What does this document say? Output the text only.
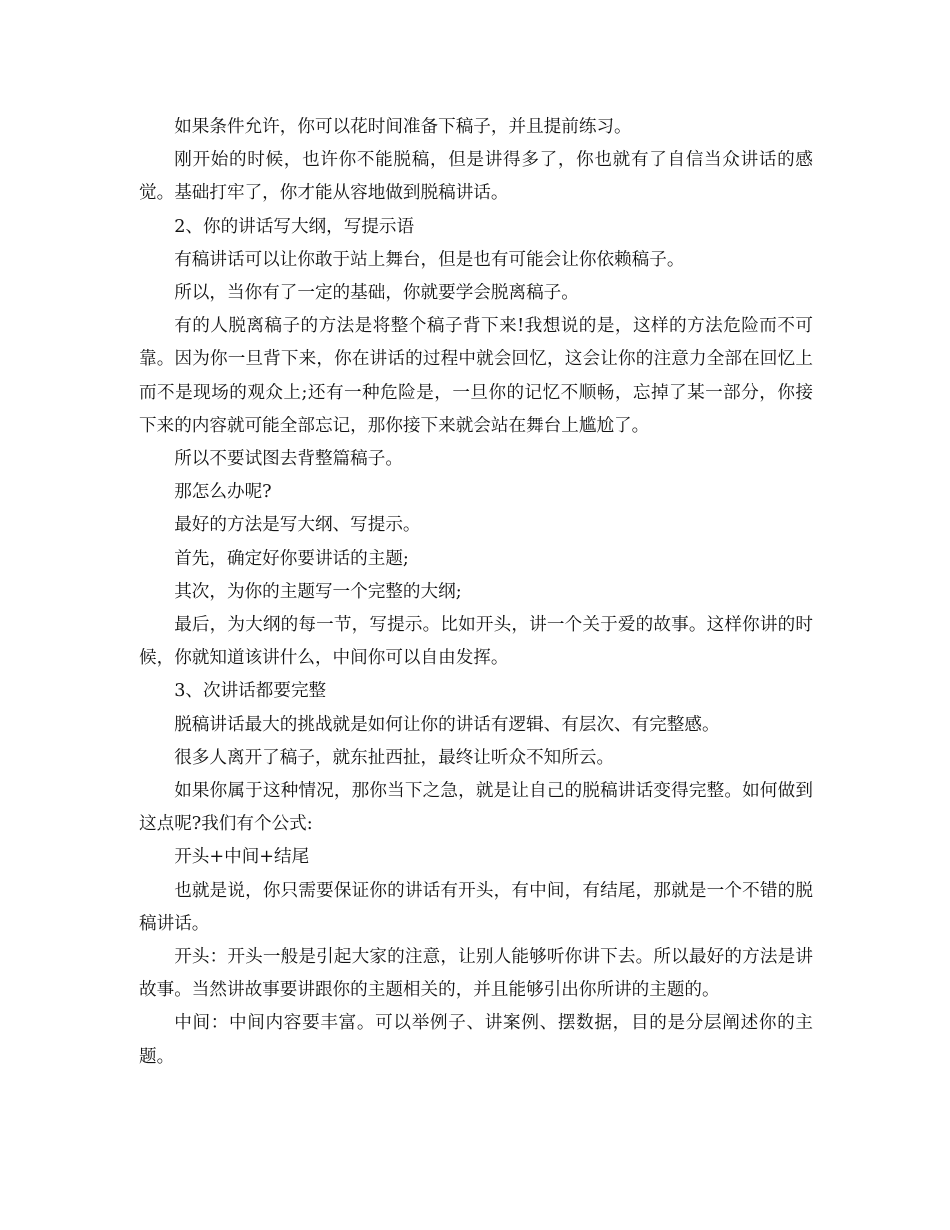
如果条件允许，你可以花时间准备下稿子，并且提前练习。

刚开始的时候，也许你不能脱稿，但是讲得多了，你也就有了自信当众讲话的感觉。基础打牢了，你才能从容地做到脱稿讲话。

2、你的讲话写大纲，写提示语

有稿讲话可以让你敢于站上舞台，但是也有可能会让你依赖稿子。

所以，当你有了一定的基础，你就要学会脱离稿子。

有的人脱离稿子的方法是将整个稿子背下来!我想说的是，这样的方法危险而不可靠。因为你一旦背下来，你在讲话的过程中就会回忆，这会让你的注意力全部在回忆上而不是现场的观众上;还有一种危险是，一旦你的记忆不顺畅，忘掉了某一部分，你接下来的内容就可能全部忘记，那你接下来就会站在舞台上尴尬了。

所以不要试图去背整篇稿子。

那怎么办呢?

最好的方法是写大纲、写提示。

首先，确定好你要讲话的主题;

其次，为你的主题写一个完整的大纲;

最后，为大纲的每一节，写提示。比如开头，讲一个关于爱的故事。这样你讲的时候，你就知道该讲什么，中间你可以自由发挥。

3、次讲话都要完整

脱稿讲话最大的挑战就是如何让你的讲话有逻辑、有层次、有完整感。

很多人离开了稿子，就东扯西扯，最终让听众不知所云。

如果你属于这种情况，那你当下之急，就是让自己的脱稿讲话变得完整。如何做到这点呢?我们有个公式:

开头+中间+结尾

也就是说，你只需要保证你的讲话有开头，有中间，有结尾，那就是一个不错的脱稿讲话。

开头：开头一般是引起大家的注意，让别人能够听你讲下去。所以最好的方法是讲故事。当然讲故事要讲跟你的主题相关的，并且能够引出你所讲的主题的。

中间：中间内容要丰富。可以举例子、讲案例、摆数据，目的是分层阐述你的主题。
